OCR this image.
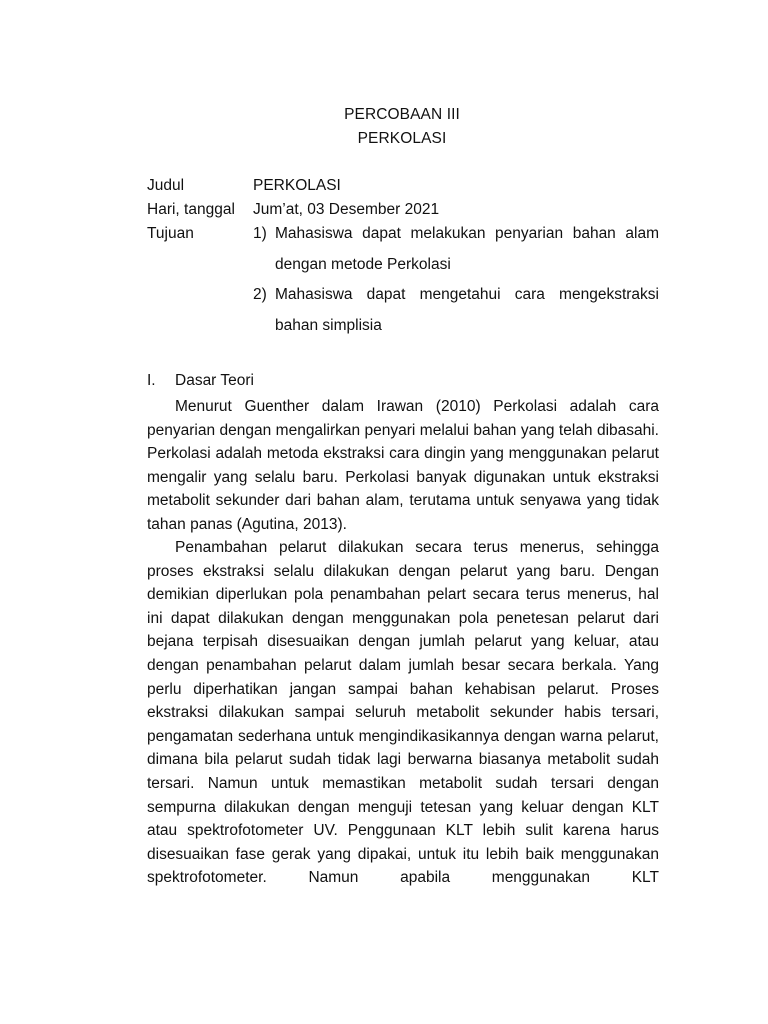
PERCOBAAN III
PERKOLASI
Judul	PERKOLASI
Hari, tanggal Jum’at, 03 Desember 2021
Tujuan	1) Mahasiswa dapat melakukan penyarian bahan alam
dengan metode Perkolasi
2) Mahasiswa dapat mengetahui cara mengekstraksi
bahan simplisia
I. Dasar Teori

Menurut Guenther dalam Irawan (2010) Perkolasi adalah cara penyarian dengan mengalirkan penyari melalui bahan yang telah dibasahi. Perkolasi adalah metoda ekstraksi cara dingin yang menggunakan pelarut mengalir yang selalu baru. Perkolasi banyak digunakan untuk ekstraksi metabolit sekunder dari bahan alam, terutama untuk senyawa yang tidak tahan panas (Agutina, 2013).

Penambahan pelarut dilakukan secara terus menerus, sehingga proses ekstraksi selalu dilakukan dengan pelarut yang baru. Dengan demikian diperlukan pola penambahan pelart secara terus menerus, hal ini dapat dilakukan dengan menggunakan pola penetesan pelarut dari bejana terpisah disesuaikan dengan jumlah pelarut yang keluar, atau dengan penambahan pelarut dalam jumlah besar secara berkala. Yang perlu diperhatikan jangan sampai bahan kehabisan pelarut. Proses ekstraksi dilakukan sampai seluruh metabolit sekunder habis tersari, pengamatan sederhana untuk mengindikasikannya dengan warna pelarut, dimana bila pelarut sudah tidak lagi berwarna biasanya metabolit sudah tersari. Namun untuk memastikan metabolit sudah tersari dengan sempurna dilakukan dengan menguji tetesan yang keluar dengan KLT atau spektrofotometer UV. Penggunaan KLT lebih sulit karena harus disesuaikan fase gerak yang dipakai, untuk itu lebih baik menggunakan spektrofotometer. Namun apabila menggunakan KLT
